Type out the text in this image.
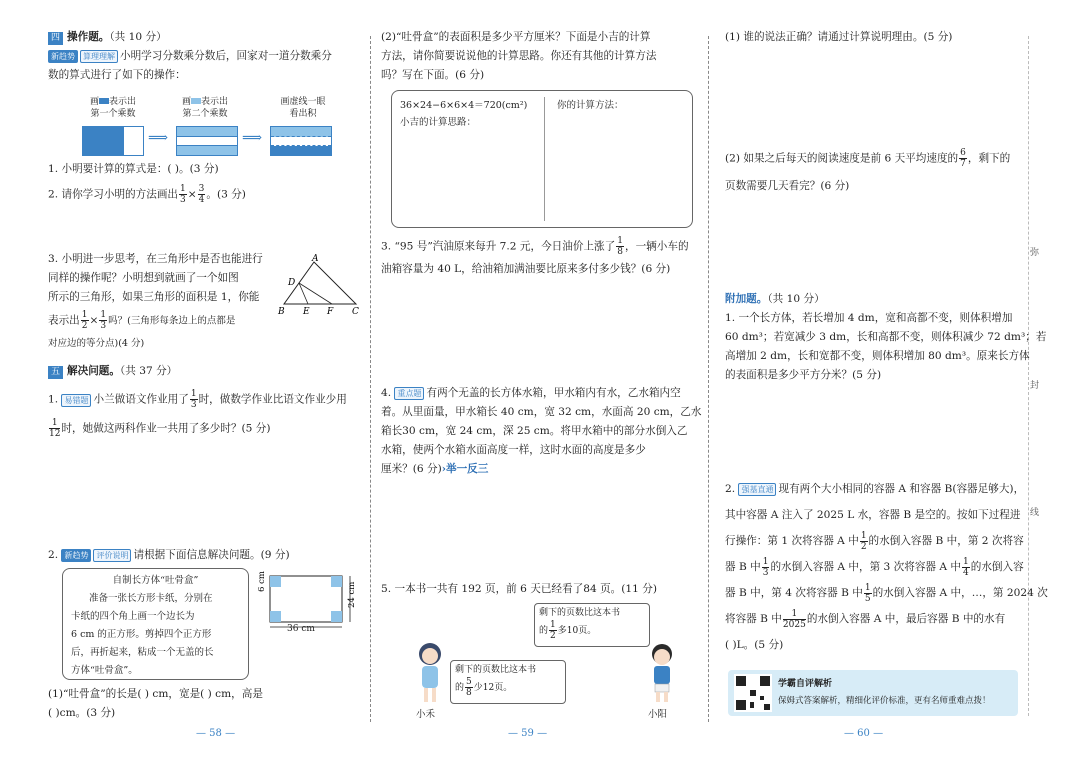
弥
封
线
四 操作题。（共 10 分）
新趋势 算理理解 小明学习分数乘分数后，回家对一道分数乘分
数的算式进行了如下的操作：
画 表示出
第一个乘数
画 表示出
第二个乘数
画虚线一眼
看出积
⟹	⟹
1. 小明要计算的算式是：( )。(3 分)
2. 请你学习小明的方法画出 $\frac{1}{3} \times \frac{3}{4}$ 。(3 分)
3. 小明进一步思考，在三角形中是否也能进行
同样的操作呢？小明想到就画了一个如图
所示的三角形，如果三角形的面积是 1，你能
表示出 $\frac{1}{2} \times \frac{1}{3}$ 吗？(三角形每条边上的点都是
对应边的等分点)(4 分)
A
D
B E F C
五 解决问题。（共 37 分）
1. 易错题 小兰做语文作业用了 $\frac{1}{3}$ 时，做数学作业比语文作业少用
$\frac{1}{12}$ 时，她做这两科作业一共用了多少时？(5 分)
2. 新趋势 评价说明 请根据下面信息解决问题。(9 分)
自制长方体“吐骨盒”
准备一张长方形卡纸，分别在
卡纸的四个角上画一个边长为
6 cm 的正方形。剪掉四个正方形
后，再折起来，粘成一个无盖的长
方体“吐骨盒”。
24 cm
6 cm
36 cm
(1)“吐骨盒”的长是( ) cm，宽是( ) cm，高是
( )cm。(3 分)
— 58 —
(2)“吐骨盒”的表面积是多少平方厘米？下面是小吉的计算
方法，请你简要说说他的计算思路。你还有其他的计算方法
吗？写在下面。(6 分)
36×24−6×6×4＝720(cm²)
小吉的计算思路：
你的计算方法：
3. “95 号”汽油原来每升 7.2 元，今日油价上涨了 $\frac{1}{8}$ ，一辆小车的
油箱容量为 40 L，给油箱加满油要比原来多付多少钱？(6 分)
4. 重点题 有两个无盖的长方体水箱，甲水箱内有水，乙水箱内空
着。从里面量，甲水箱长 40 cm，宽 32 cm，水面高 20 cm，乙水
箱长30 cm，宽 24 cm，深 25 cm。将甲水箱中的部分水倒入乙
水箱，使两个水箱水面高度一样，这时水面的高度是多少
厘米？(6 分)›举一反三
5. 一本书一共有 192 页，前 6 天已经看了84 页。(11 分)
剩下的页数比这本书
的 $\frac{1}{2}$ 多10页。
剩下的页数比这本书
的 $\frac{5}{8}$ 少12页。
小禾	小阳
— 59 —
(1) 谁的说法正确？请通过计算说明理由。(5 分)
(2) 如果之后每天的阅读速度是前 6 天平均速度的 $\frac{6}{7}$ ，剩下的
页数需要几天看完？(6 分)
附加题。（共 10 分）
1. 一个长方体，若长增加 4 dm，宽和高都不变，则体积增加
60 dm³；若宽减少 3 dm，长和高都不变，则体积减少 72 dm³；若
高增加 2 dm，长和宽都不变，则体积增加 80 dm³。原来长方体
的表面积是多少平方分米？(5 分)
2. 强基直通 现有两个大小相同的容器 A 和容器 B(容器足够大)，
其中容器 A 注入了 2025 L 水，容器 B 是空的。按如下过程进
行操作：第 1 次将容器 A 中 $\frac{1}{2}$ 的水倒入容器 B 中，第 2 次将容
器 B 中 $\frac{1}{3}$ 的水倒入容器 A 中，第 3 次将容器 A 中 $\frac{1}{4}$ 的水倒入容
器 B 中，第 4 次将容器 B 中 $\frac{1}{5}$ 的水倒入容器 A 中，…，第 2024 次
将容器 B 中 $\frac{1}{2025}$ 的水倒入容器 A 中，最后容器 B 中的水有
( )L。(5 分)
学霸自评解析
保姆式答案解析，精细化评价标准，更有名师重难点拨！
— 60 —
